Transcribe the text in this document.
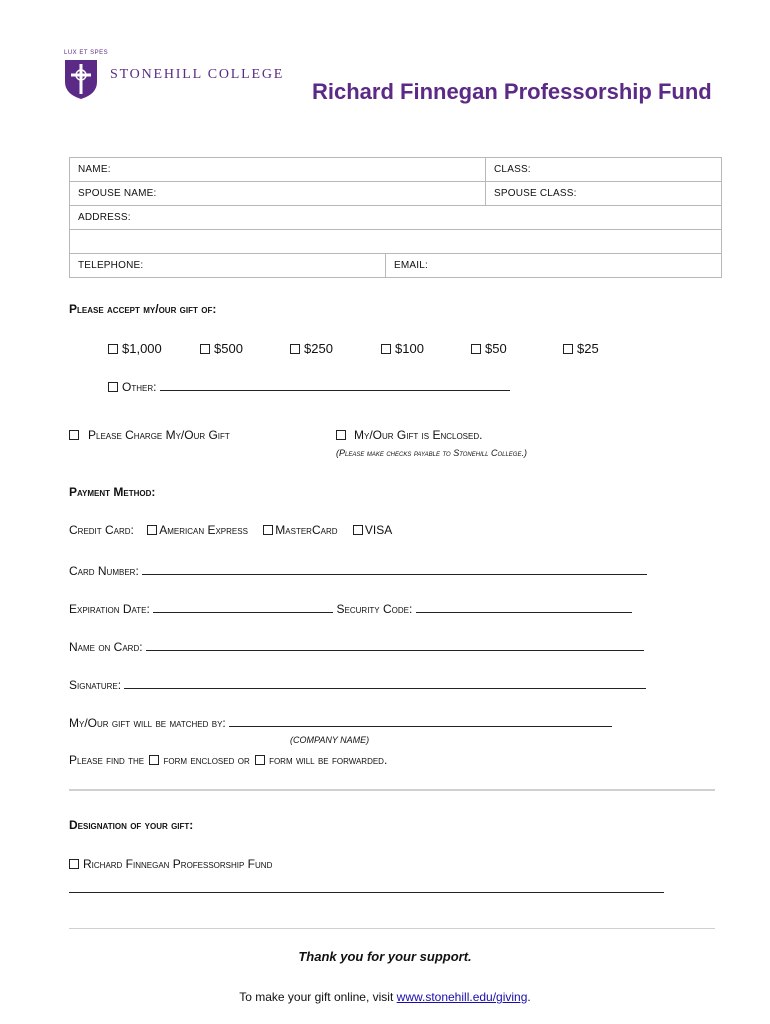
LUX ET SPES
STONEHILL COLLEGE
Richard Finnegan Professorship Fund
NAME:		CLASS:
SPOUSE NAME:		SPOUSE CLASS:
ADDRESS:		

TELEPHONE:	EMAIL:	
Please accept my/our gift of:
$1,000	$500	$250	$100	$50	$25
Other:
Please Charge My/Our Gift	My/Our Gift is Enclosed.
(Please make checks payable to Stonehill College.)
Payment Method:
Credit Card: American Express MasterCard VISA
Card Number:
Expiration Date:	Security Code:
Name on Card:
Signature:
My/Our gift will be matched by:
(COMPANY NAME)
Please find the form enclosed or form will be forwarded.
Designation of your gift:
Richard Finnegan Professorship Fund
Thank you for your support.
To make your gift online, visit www.stonehill.edu/giving.
